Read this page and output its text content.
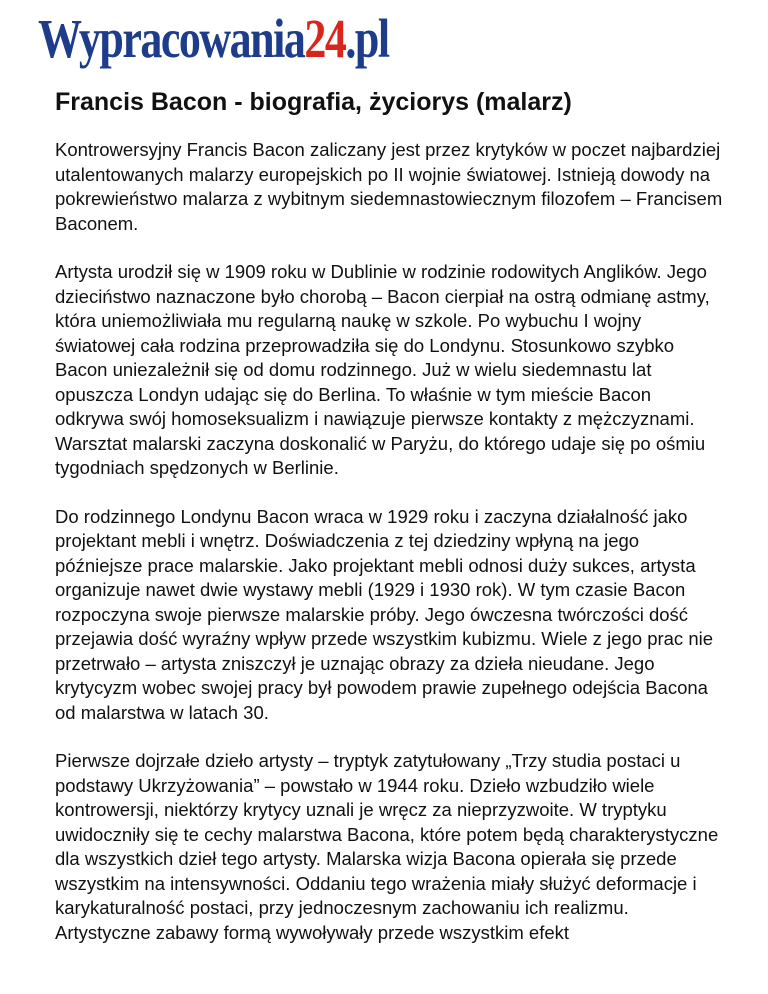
Wypracowania24.pl
Francis Bacon - biografia, życiorys (malarz)

Kontrowersyjny Francis Bacon zaliczany jest przez krytyków w poczet najbardziej utalentowanych malarzy europejskich po II wojnie światowej. Istnieją dowody na pokrewieństwo malarza z wybitnym siedemnastowiecznym filozofem – Francisem Baconem.

Artysta urodził się w 1909 roku w Dublinie w rodzinie rodowitych Anglików. Jego dzieciństwo naznaczone było chorobą – Bacon cierpiał na ostrą odmianę astmy, która uniemożliwiała mu regularną naukę w szkole. Po wybuchu I wojny światowej cała rodzina przeprowadziła się do Londynu. Stosunkowo szybko Bacon uniezależnił się od domu rodzinnego. Już w wielu siedemnastu lat opuszcza Londyn udając się do Berlina. To właśnie w tym mieście Bacon odkrywa swój homoseksualizm i nawiązuje pierwsze kontakty z mężczyznami. Warsztat malarski zaczyna doskonalić w Paryżu, do którego udaje się po ośmiu tygodniach spędzonych w Berlinie.

Do rodzinnego Londynu Bacon wraca w 1929 roku i zaczyna działalność jako projektant mebli i wnętrz. Doświadczenia z tej dziedziny wpłyną na jego późniejsze prace malarskie. Jako projektant mebli odnosi duży sukces, artysta organizuje nawet dwie wystawy mebli (1929 i 1930 rok). W tym czasie Bacon rozpoczyna swoje pierwsze malarskie próby. Jego ówczesna twórczości dość przejawia dość wyraźny wpływ przede wszystkim kubizmu. Wiele z jego prac nie przetrwało – artysta zniszczył je uznając obrazy za dzieła nieudane. Jego krytycyzm wobec swojej pracy był powodem prawie zupełnego odejścia Bacona od malarstwa w latach 30.

Pierwsze dojrzałe dzieło artysty – tryptyk zatytułowany „Trzy studia postaci u podstawy Ukrzyżowania” – powstało w 1944 roku. Dzieło wzbudziło wiele kontrowersji, niektórzy krytycy uznali je wręcz za nieprzyzwoite. W tryptyku uwidoczniły się te cechy malarstwa Bacona, które potem będą charakterystyczne dla wszystkich dzieł tego artysty. Malarska wizja Bacona opierała się przede wszystkim na intensywności. Oddaniu tego wrażenia miały służyć deformacje i karykaturalność postaci, przy jednoczesnym zachowaniu ich realizmu. Artystyczne zabawy formą wywoływały przede wszystkim efekt
